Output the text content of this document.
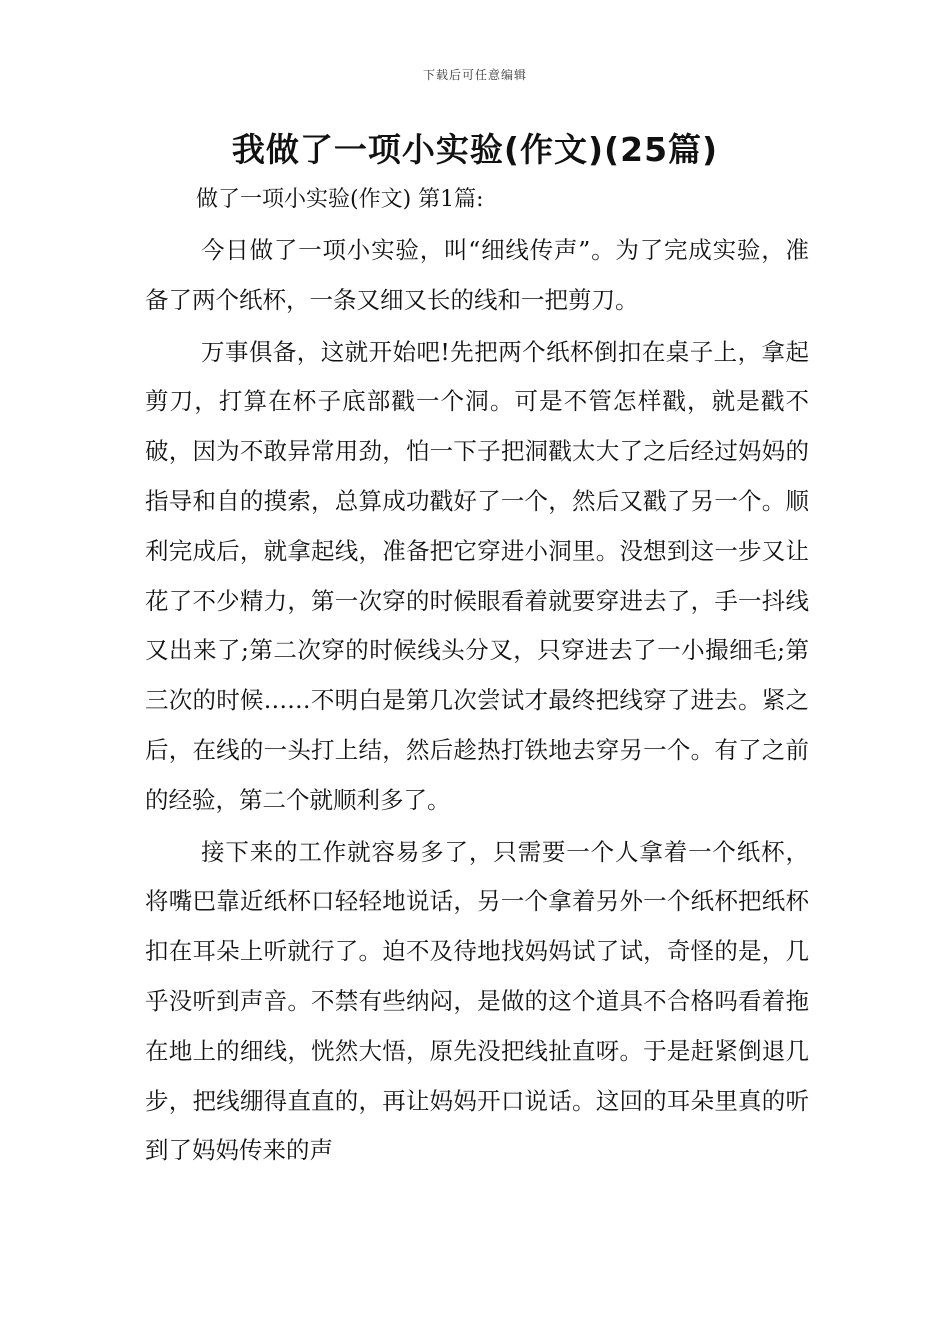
下载后可任意编辑
我做了一项小实验(作文)(25篇)

做了一项小实验(作文) 第1篇:

今日做了一项小实验，叫“细线传声”。为了完成实验，准备了两个纸杯，一条又细又长的线和一把剪刀。

万事俱备，这就开始吧!先把两个纸杯倒扣在桌子上，拿起剪刀，打算在杯子底部戳一个洞。可是不管怎样戳，就是戳不破，因为不敢异常用劲，怕一下子把洞戳太大了之后经过妈妈的指导和自的摸索，总算成功戳好了一个，然后又戳了另一个。顺利完成后，就拿起线，准备把它穿进小洞里。没想到这一步又让花了不少精力，第一次穿的时候眼看着就要穿进去了，手一抖线又出来了;第二次穿的时候线头分叉，只穿进去了一小撮细毛;第三次的时候……不明白是第几次尝试才最终把线穿了进去。紧之后，在线的一头打上结，然后趁热打铁地去穿另一个。有了之前的经验，第二个就顺利多了。

接下来的工作就容易多了，只需要一个人拿着一个纸杯，将嘴巴靠近纸杯口轻轻地说话，另一个拿着另外一个纸杯把纸杯扣在耳朵上听就行了。迫不及待地找妈妈试了试，奇怪的是，几乎没听到声音。不禁有些纳闷，是做的这个道具不合格吗看着拖在地上的细线，恍然大悟，原先没把线扯直呀。于是赶紧倒退几步，把线绷得直直的，再让妈妈开口说话。这回的耳朵里真的听到了妈妈传来的声
